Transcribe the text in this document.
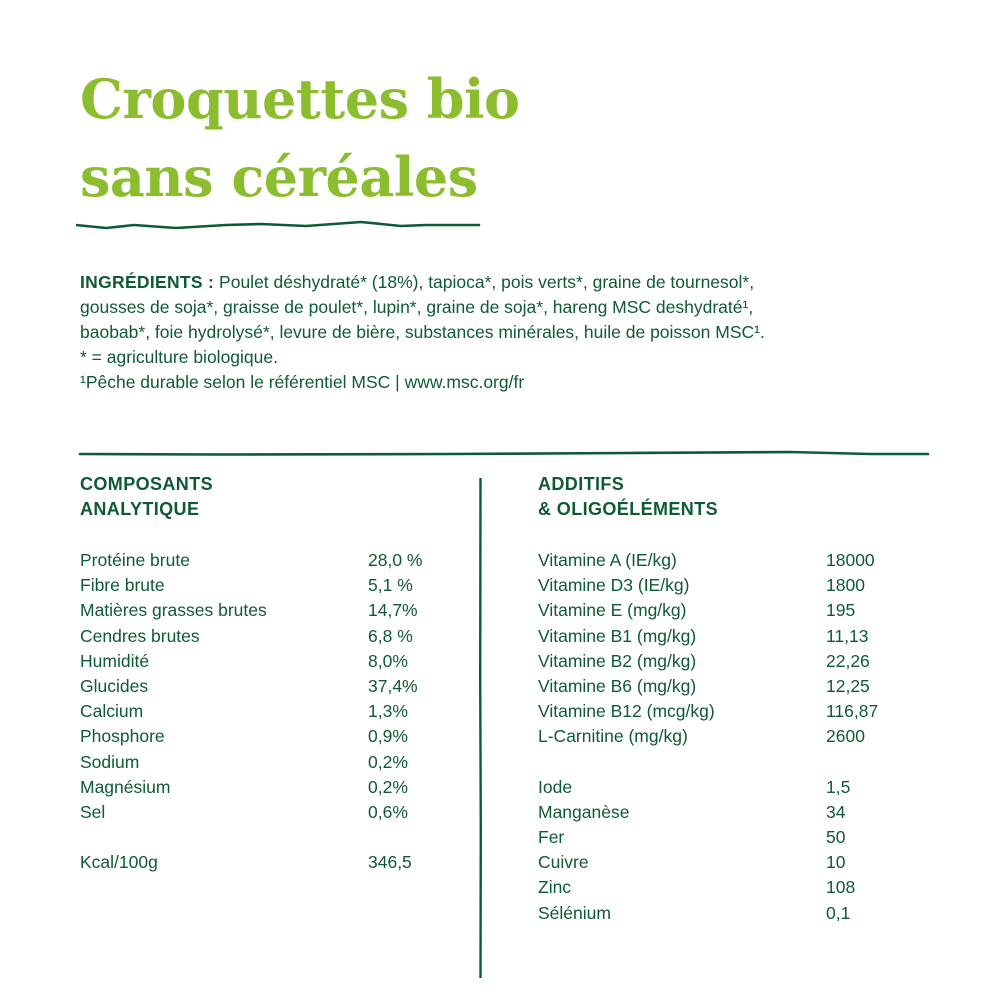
Croquettes bio
sans céréales

INGRÉDIENTS : Poulet déshydraté* (18%), tapioca*, pois verts*, graine de tournesol*,

gousses de soja*, graisse de poulet*, lupin*, graine de soja*, hareng MSC deshydraté¹,

baobab*, foie hydrolysé*, levure de bière, substances minérales, huile de poisson MSC¹.

* = agriculture biologique.

¹Pêche durable selon le référentiel MSC | www.msc.org/fr

COMPOSANTS
ANALYTIQUE
Protéine brute	28,0 %
Fibre brute	5,1 %
Matières grasses brutes	14,7%
Cendres brutes	6,8 %
Humidité	8,0%
Glucides	37,4%
Calcium	1,3%
Phosphore	0,9%
Sodium	0,2%
Magnésium	0,2%
Sel	0,6%
Kcal/100g	346,5
ADDITIFS
& OLIGOÉLÉMENTS
Vitamine A (IE/kg)	18000
Vitamine D3 (IE/kg)	1800
Vitamine E (mg/kg)	195
Vitamine B1 (mg/kg)	11,13
Vitamine B2 (mg/kg)	22,26
Vitamine B6 (mg/kg)	12,25
Vitamine B12 (mcg/kg)	116,87
L-Carnitine (mg/kg)	2600
Iode	1,5
Manganèse	34
Fer	50
Cuivre	10
Zinc	108
Sélénium	0,1
